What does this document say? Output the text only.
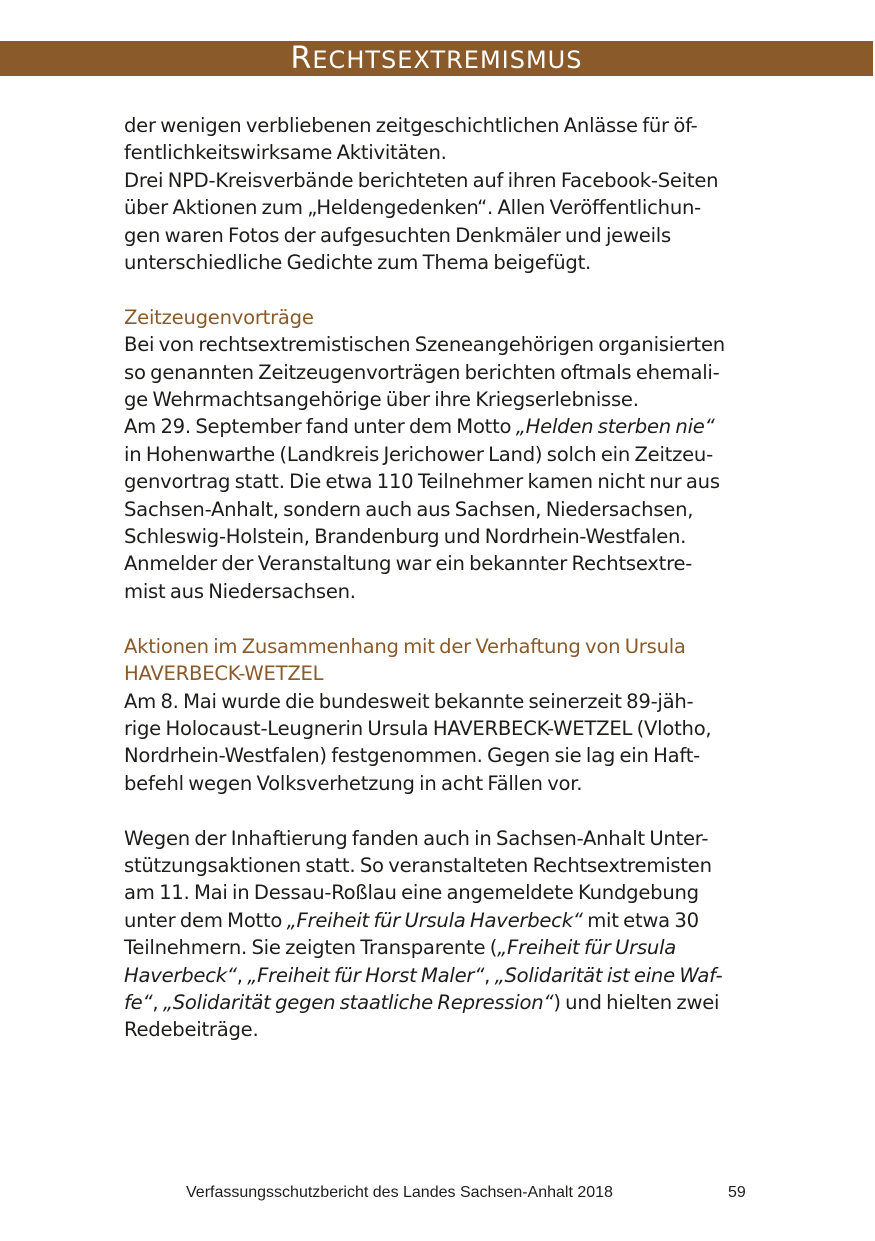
RECHTSEXTREMISMUS

der wenigen verbliebenen zeitgeschichtlichen Anlässe für öf-

fentlichkeitswirksame Aktivitäten.

Drei NPD-Kreisverbände berichteten auf ihren Facebook-Seiten

über Aktionen zum „Heldengedenken“. Allen Veröffentlichun-

gen waren Fotos der aufgesuchten Denkmäler und jeweils

unterschiedliche Gedichte zum Thema beigefügt.

Zeitzeugenvorträge

Bei von rechtsextremistischen Szeneangehörigen organisierten

so genannten Zeitzeugenvorträgen berichten oftmals ehemali-

ge Wehrmachtsangehörige über ihre Kriegserlebnisse.

Am 29. September fand unter dem Motto „Helden sterben nie“

in Hohenwarthe (Landkreis Jerichower Land) solch ein Zeitzeu-

genvortrag statt. Die etwa 110 Teilnehmer kamen nicht nur aus

Sachsen-Anhalt, sondern auch aus Sachsen, Niedersachsen,

Schleswig-Holstein, Brandenburg und Nordrhein-Westfalen.

Anmelder der Veranstaltung war ein bekannter Rechtsextre-

mist aus Niedersachsen.

Aktionen im Zusammenhang mit der Verhaftung von Ursula

HAVERBECK-WETZEL

Am 8. Mai wurde die bundesweit bekannte seinerzeit 89-jäh-

rige Holocaust-Leugnerin Ursula HAVERBECK-WETZEL (Vlotho,

Nordrhein-Westfalen) festgenommen. Gegen sie lag ein Haft-

befehl wegen Volksverhetzung in acht Fällen vor.

Wegen der Inhaftierung fanden auch in Sachsen-Anhalt Unter-

stützungsaktionen statt. So veranstalteten Rechtsextremisten

am 11. Mai in Dessau-Roßlau eine angemeldete Kundgebung

unter dem Motto „Freiheit für Ursula Haverbeck“ mit etwa 30

Teilnehmern. Sie zeigten Transparente („Freiheit für Ursula

Haverbeck“, „Freiheit für Horst Maler“, „Solidarität ist eine Waf-

fe“, „Solidarität gegen staatliche Repression“) und hielten zwei

Redebeiträge.

Verfassungsschutzbericht des Landes Sachsen-Anhalt 2018	59
